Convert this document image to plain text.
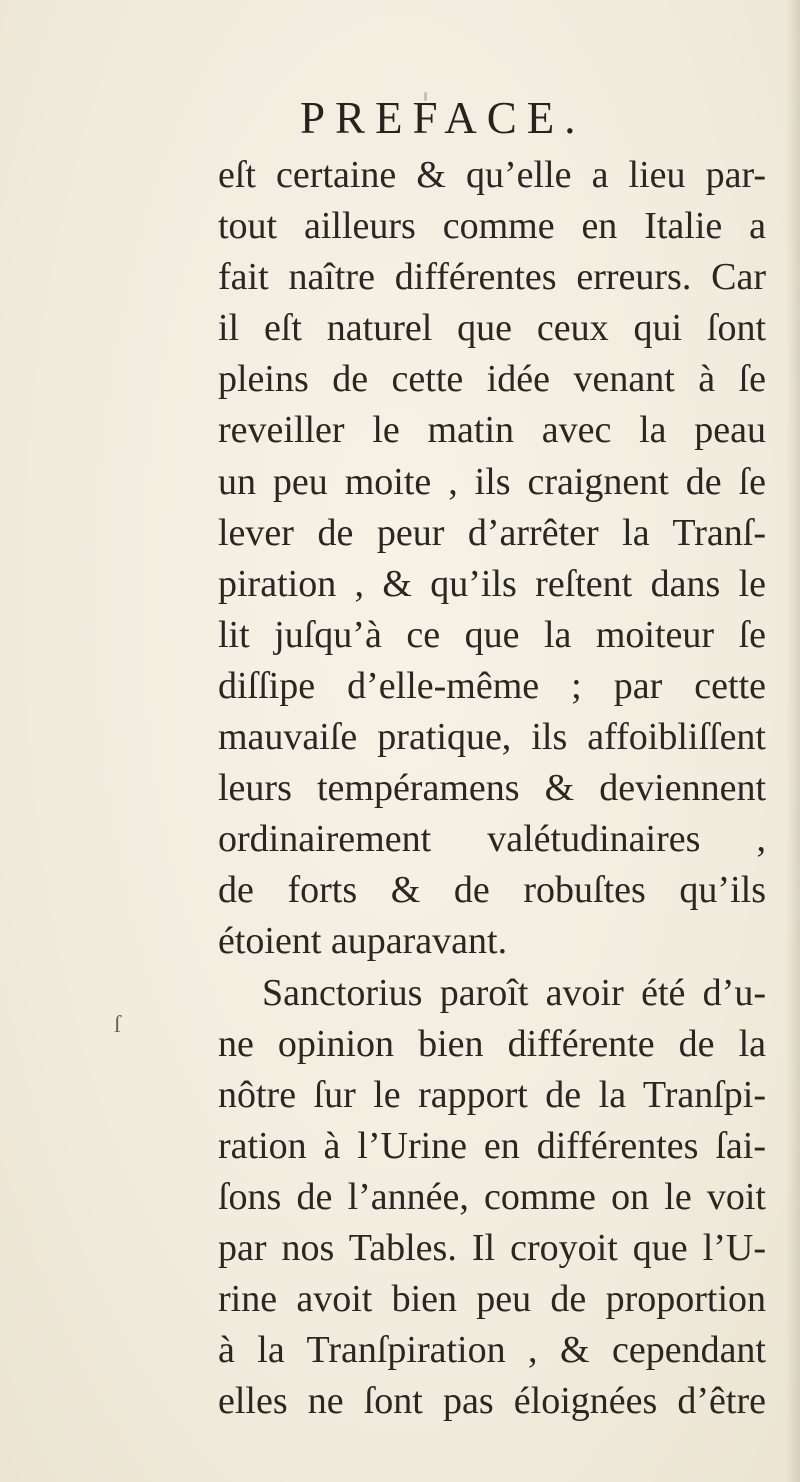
PREFACE.
ſ
eſt certaine & qu’elle a lieu par-
tout ailleurs comme en Italie a
fait naître différentes erreurs. Car
il eſt naturel que ceux qui ſont
pleins de cette idée venant à ſe
reveiller le matin avec la peau
un peu moite , ils craignent de ſe
lever de peur d’arrêter la Tranſ-
piration , & qu’ils reſtent dans le
lit juſqu’à ce que la moiteur ſe
diſſipe d’elle-même ; par cette
mauvaiſe pratique, ils affoibliſſent
leurs tempéramens & deviennent
ordinairement valétudinaires ,
de forts & de robuſtes qu’ils
étoient auparavant.
Sanctorius paroît avoir été d’u-
ne opinion bien différente de la
nôtre ſur le rapport de la Tranſpi-
ration à l’Urine en différentes ſai-
ſons de l’année, comme on le voit
par nos Tables. Il croyoit que l’U-
rine avoit bien peu de proportion
à la Tranſpiration , & cependant
elles ne ſont pas éloignées d’être
